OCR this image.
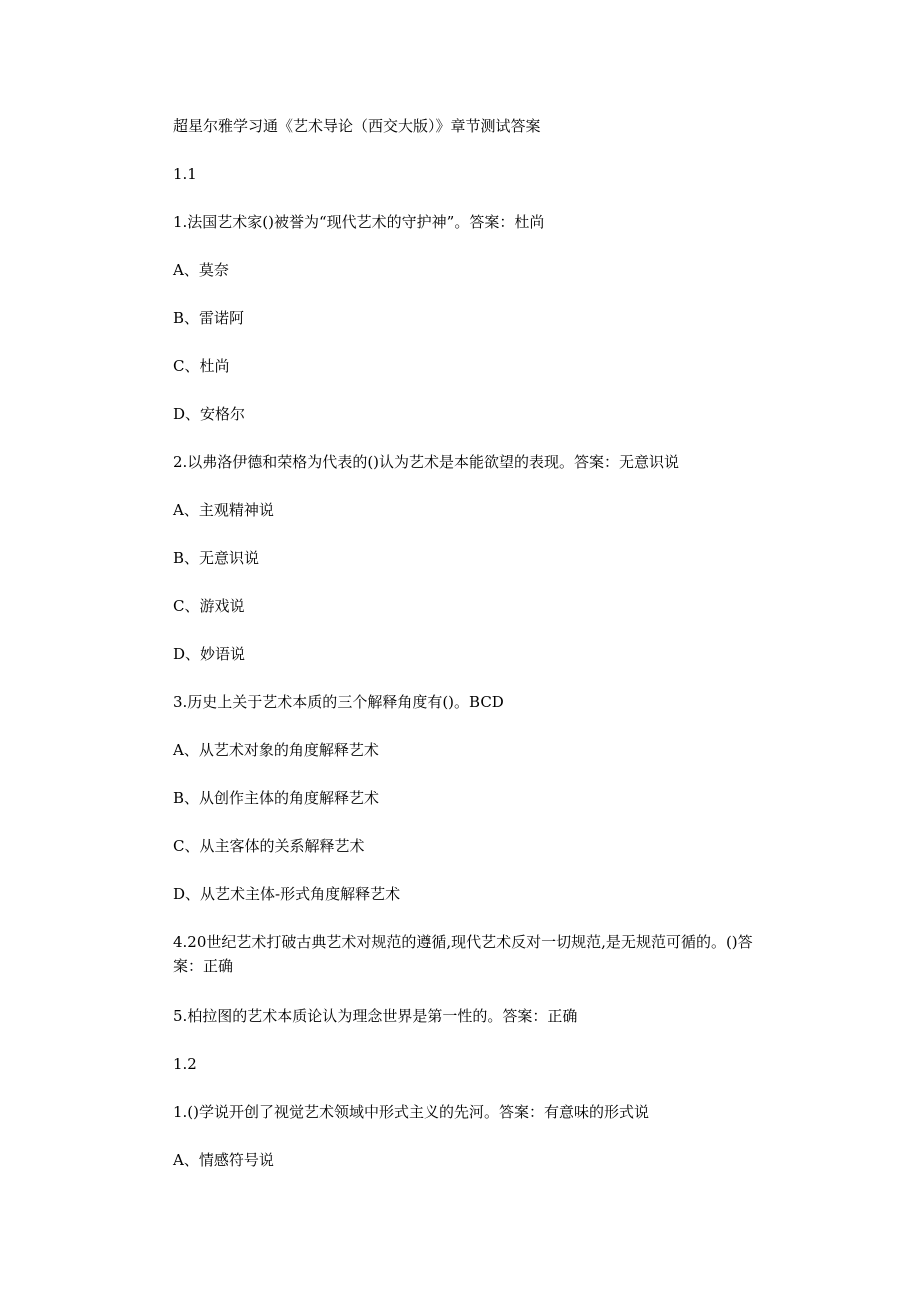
超星尔雅学习通《艺术导论（西交大版）》章节测试答案

1.1

1.法国艺术家()被誉为“现代艺术的守护神”。答案：杜尚

A、莫奈

B、雷诺阿

C、杜尚

D、安格尔

2.以弗洛伊德和荣格为代表的()认为艺术是本能欲望的表现。答案：无意识说

A、主观精神说

B、无意识说

C、游戏说

D、妙语说

3.历史上关于艺术本质的三个解释角度有()。BCD

A、从艺术对象的角度解释艺术

B、从创作主体的角度解释艺术

C、从主客体的关系解释艺术

D、从艺术主体-形式角度解释艺术

4.20世纪艺术打破古典艺术对规范的遵循,现代艺术反对一切规范,是无规范可循的。()答案：正确

5.柏拉图的艺术本质论认为理念世界是第一性的。答案：正确

1.2

1.()学说开创了视觉艺术领域中形式主义的先河。答案：有意味的形式说

A、情感符号说
